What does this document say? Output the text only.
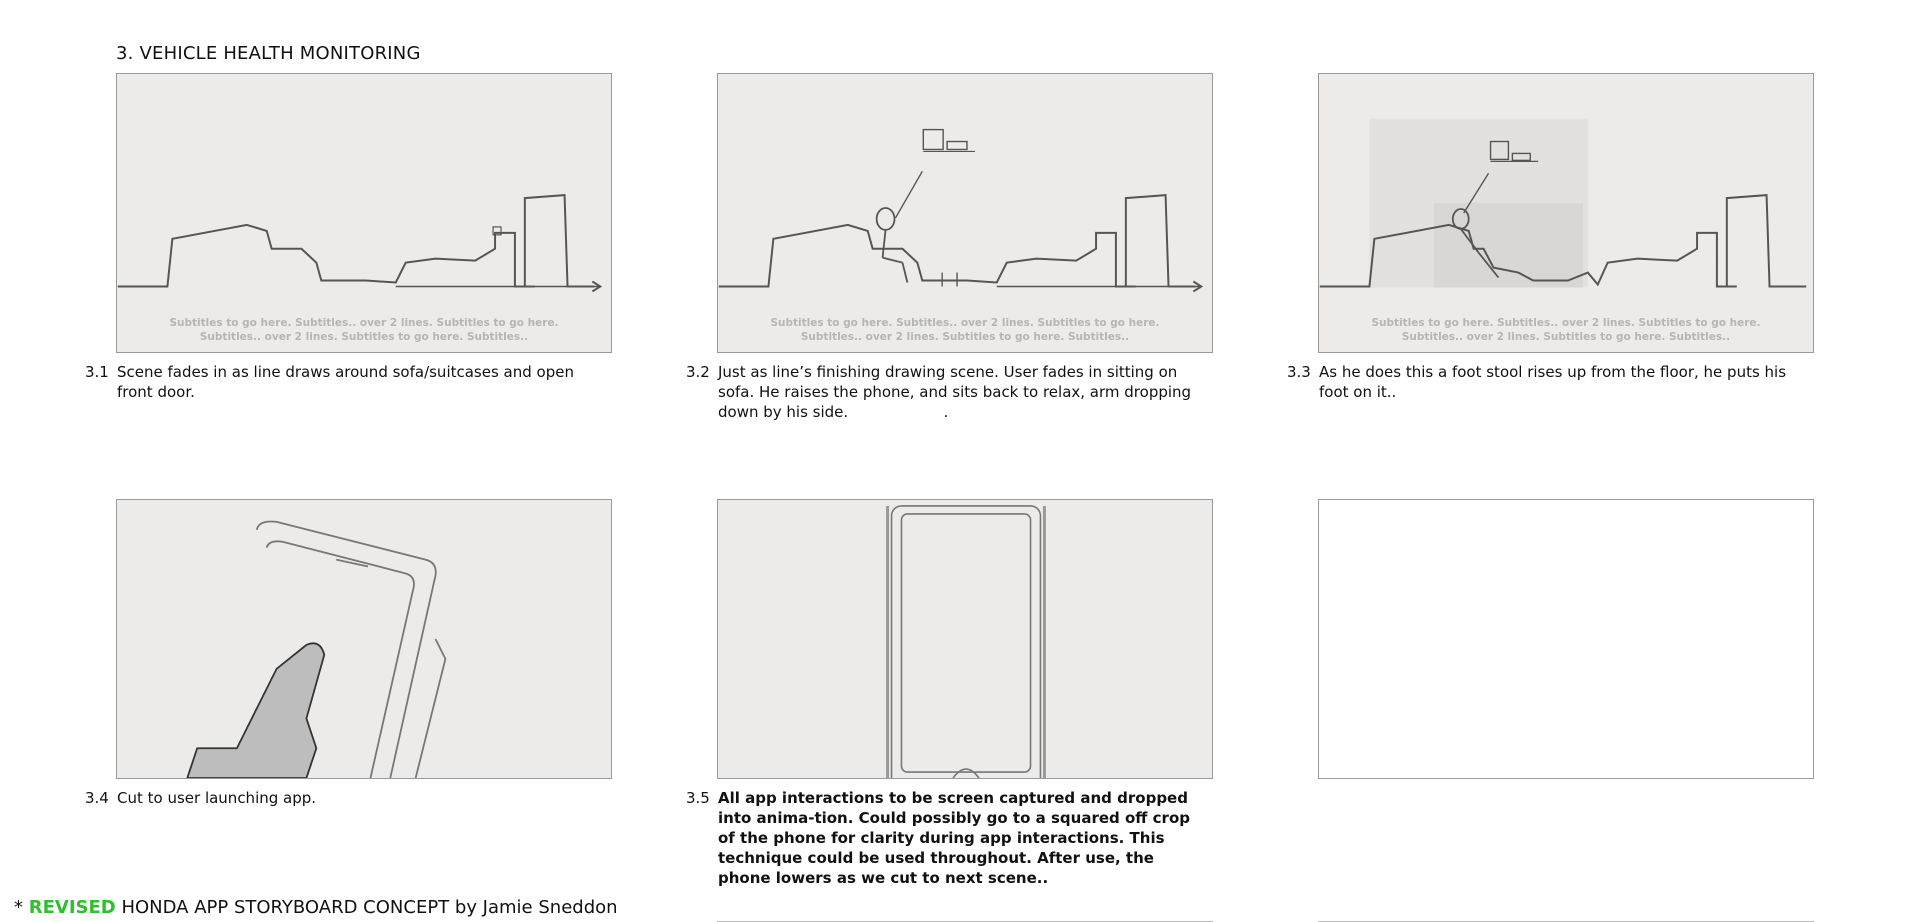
3. VEHICLE HEALTH MONITORING
Subtitles to go here. Subtitles.. over 2 lines. Subtitles to go here.
Subtitles.. over 2 lines. Subtitles to go here. Subtitles..
Subtitles to go here. Subtitles.. over 2 lines. Subtitles to go here.
Subtitles.. over 2 lines. Subtitles to go here. Subtitles..
Subtitles to go here. Subtitles.. over 2 lines. Subtitles to go here.
Subtitles.. over 2 lines. Subtitles to go here. Subtitles..
3.1 Scene fades in as line draws around sofa/suitcases and open front door.
3.2 Just as line’s finishing drawing scene. User fades in sitting on sofa. He raises the phone, and sits back to relax, arm dropping down by his side.                    .
3.3 As he does this a foot stool rises up from the floor, he puts his foot on it..
3.4 Cut to user launching app.	3.5 All app interactions to be screen captured and dropped into anima-tion. Could possibly go to a squared off crop of the phone for clarity during app interactions. This technique could be used throughout. After use, the phone lowers as we cut to next scene..
* REVISED HONDA APP STORYBOARD CONCEPT by Jamie Sneddon
